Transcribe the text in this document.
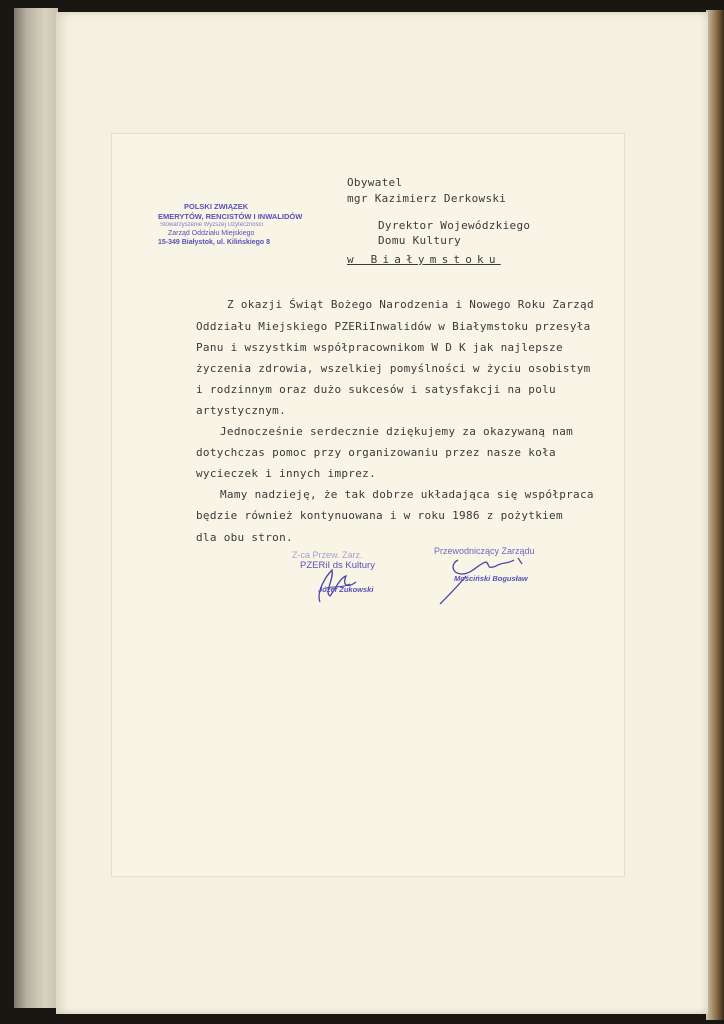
Obywatel
mgr Kazimierz Derkowski
Dyrektor Wojewódzkiego
Domu Kultury
w Białymstoku
POLSKI ZWIĄZEK
EMERYTÓW, RENCISTÓW I INWALIDÓW
Stowarzyszenie Wyższej Użyteczności
Zarząd Oddziału Miejskiego
15-349 Białystok, ul. Kilińskiego 8
Z okazji Świąt Bożego Narodzenia i Nowego Roku Zarząd
Oddziału Miejskiego PZERiInwalidów w Białymstoku przesyła
Panu i wszystkim współpracownikom W D K jak najlepsze
życzenia zdrowia, wszelkiej pomyślności w życiu osobistym
i rodzinnym oraz dużo sukcesów i satysfakcji na polu
artystycznym.
Jednocześnie serdecznie dziękujemy za okazywaną nam
dotychczas pomoc przy organizowaniu przez nasze koła
wycieczek i innych imprez.
Mamy nadzieję, że tak dobrze układająca się współpraca
będzie również kontynuowana i w roku 1986 z pożytkiem
dla obu stron.
Z-ca Przew. Zarz.
PZERiI ds Kultury
Józef Żukowski
Przewodniczący Zarządu
Mościński Bogusław
